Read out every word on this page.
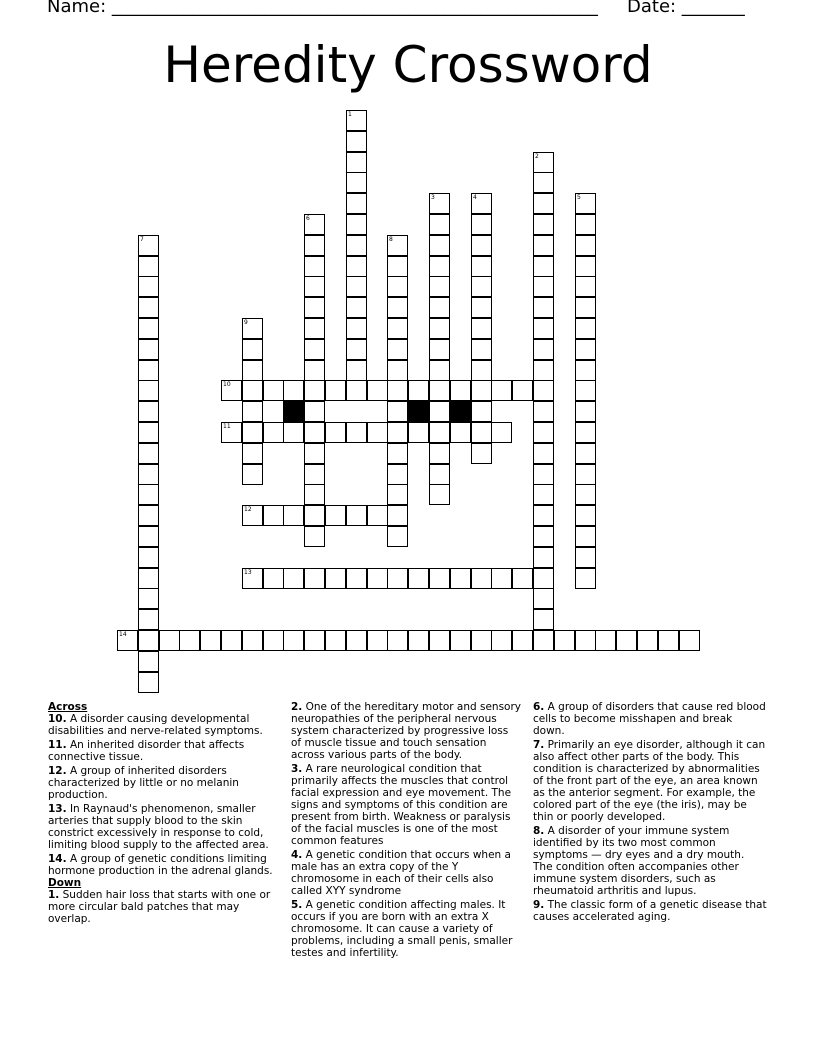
Name: ______________________________________________________ Date: _______
Heredity Crossword
1
2
3	4	5
6
7	8
9
10
11
12
13
14
Across
10. A disorder causing developmental disabilities and nerve-related symptoms.
11. An inherited disorder that affects connective tissue.
12. A group of inherited disorders characterized by little or no melanin production.
13. In Raynaud's phenomenon, smaller arteries that supply blood to the skin constrict excessively in response to cold, limiting blood supply to the affected area.
14. A group of genetic conditions limiting hormone production in the adrenal glands.
Down
1. Sudden hair loss that starts with one or more circular bald patches that may overlap.
2. One of the hereditary motor and sensory neuropathies of the peripheral nervous system characterized by progressive loss of muscle tissue and touch sensation across various parts of the body.
3. A rare neurological condition that primarily affects the muscles that control facial expression and eye movement. The signs and symptoms of this condition are present from birth. Weakness or paralysis of the facial muscles is one of the most common features
4. A genetic condition that occurs when a male has an extra copy of the Y chromosome in each of their cells also called XYY syndrome
5. A genetic condition affecting males. It occurs if you are born with an extra X chromosome. It can cause a variety of problems, including a small penis, smaller testes and infertility.
6. A group of disorders that cause red blood cells to become misshapen and break down.
7. Primarily an eye disorder, although it can also affect other parts of the body. This condition is characterized by abnormalities of the front part of the eye, an area known as the anterior segment. For example, the colored part of the eye (the iris), may be thin or poorly developed.
8. A disorder of your immune system identified by its two most common symptoms — dry eyes and a dry mouth. The condition often accompanies other immune system disorders, such as rheumatoid arthritis and lupus.
9. The classic form of a genetic disease that causes accelerated aging.
